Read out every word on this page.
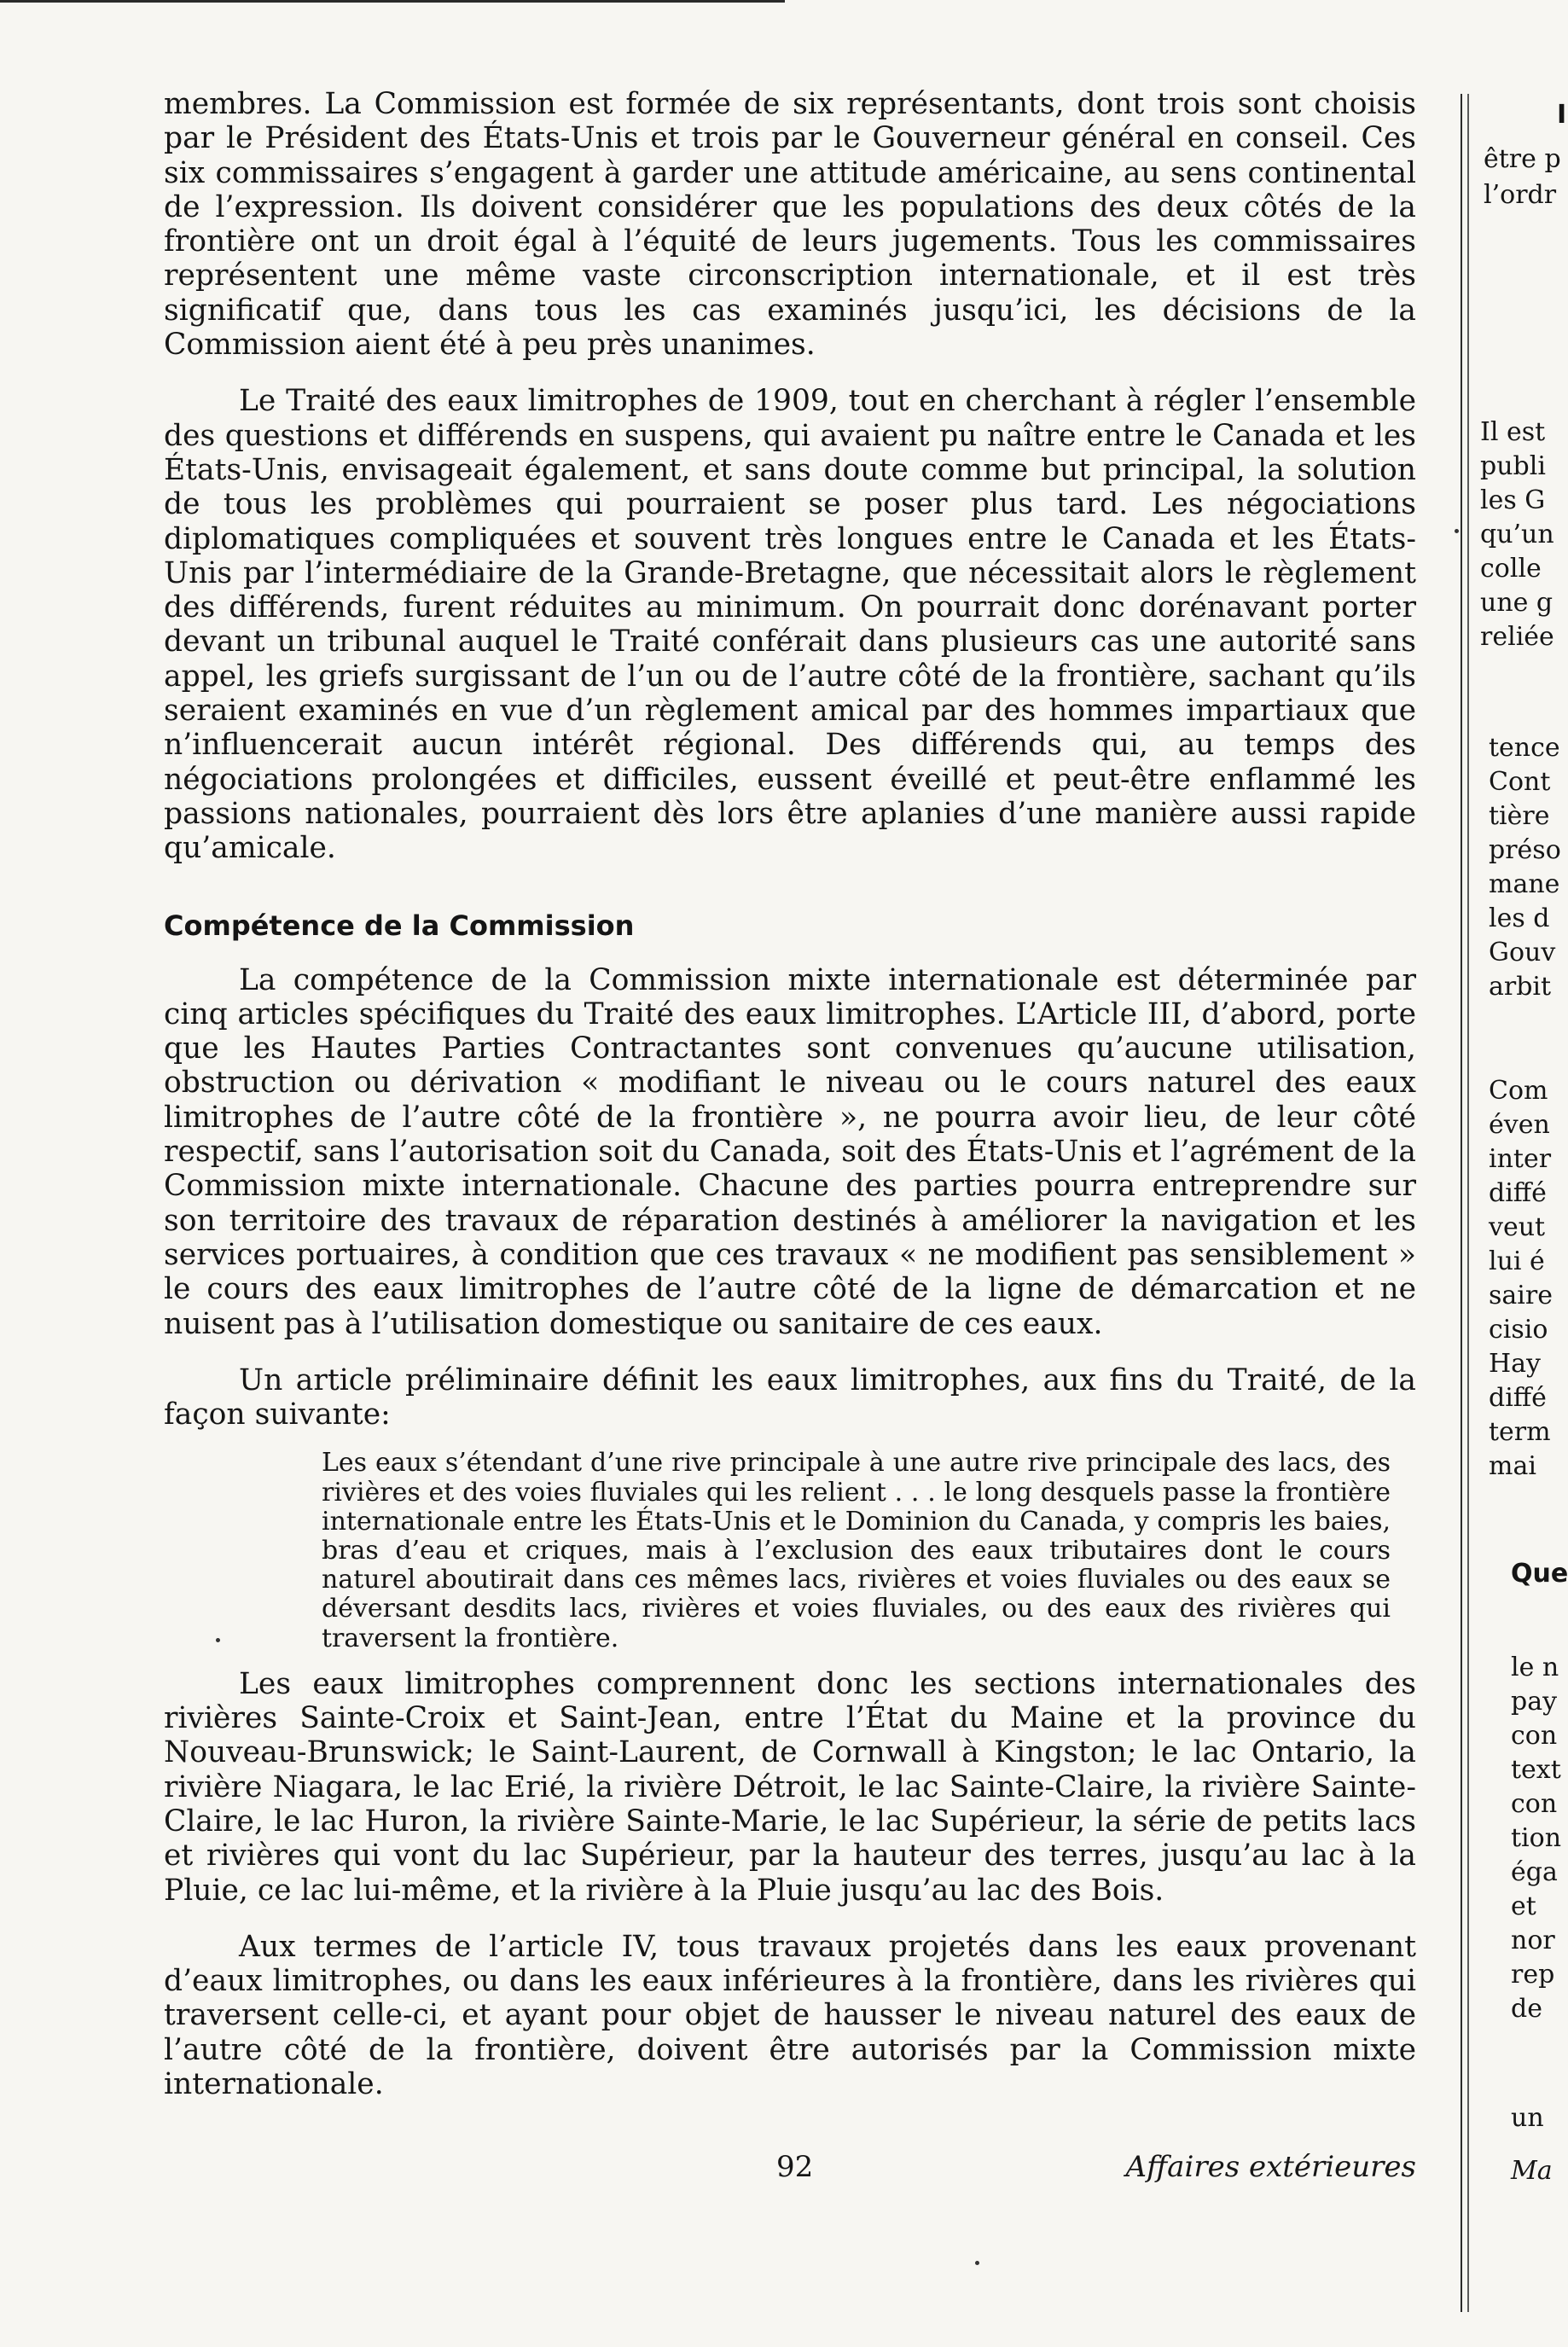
membres. La Commission est formée de six représentants, dont trois sont choisis par le Président des États-Unis et trois par le Gouverneur général en conseil. Ces six commissaires s’engagent à garder une attitude américaine, au sens continental de l’expression. Ils doivent considérer que les populations des deux côtés de la frontière ont un droit égal à l’équité de leurs jugements. Tous les commissaires représentent une même vaste circonscription internationale, et il est très significatif que, dans tous les cas examinés jusqu’ici, les décisions de la Commission aient été à peu près unanimes.

Le Traité des eaux limitrophes de 1909, tout en cherchant à régler l’ensemble des questions et différends en suspens, qui avaient pu naître entre le Canada et les États-Unis, envisageait également, et sans doute comme but principal, la solution de tous les problèmes qui pourraient se poser plus tard. Les négociations diplomatiques compliquées et souvent très longues entre le Canada et les États-Unis par l’intermédiaire de la Grande-Bretagne, que nécessitait alors le règlement des différends, furent réduites au minimum. On pourrait donc dorénavant porter devant un tribunal auquel le Traité conférait dans plusieurs cas une autorité sans appel, les griefs surgissant de l’un ou de l’autre côté de la frontière, sachant qu’ils seraient examinés en vue d’un règlement amical par des hommes impartiaux que n’influencerait aucun intérêt régional. Des différends qui, au temps des négociations prolongées et difficiles, eussent éveillé et peut-être enflammé les passions nationales, pourraient dès lors être aplanies d’une manière aussi rapide qu’amicale.

Compétence de la Commission

La compétence de la Commission mixte internationale est déterminée par cinq articles spécifiques du Traité des eaux limitrophes. L’Article III, d’abord, porte que les Hautes Parties Contractantes sont convenues qu’aucune utilisation, obstruction ou dérivation « modifiant le niveau ou le cours naturel des eaux limitrophes de l’autre côté de la frontière », ne pourra avoir lieu, de leur côté respectif, sans l’autorisation soit du Canada, soit des États-Unis et l’agrément de la Commission mixte internationale. Chacune des parties pourra entreprendre sur son territoire des travaux de réparation destinés à améliorer la navigation et les services portuaires, à condition que ces travaux « ne modifient pas sensiblement » le cours des eaux limitrophes de l’autre côté de la ligne de démarcation et ne nuisent pas à l’utilisation domestique ou sanitaire de ces eaux.

Un article préliminaire définit les eaux limitrophes, aux fins du Traité, de la façon suivante:

Les eaux s’étendant d’une rive principale à une autre rive principale des lacs, des rivières et des voies fluviales qui les relient . . . le long desquels passe la frontière internationale entre les États-Unis et le Dominion du Canada, y compris les baies, bras d’eau et criques, mais à l’exclusion des eaux tributaires dont le cours naturel aboutirait dans ces mêmes lacs, rivières et voies fluviales ou des eaux se déversant desdits lacs, rivières et voies fluviales, ou des eaux des rivières qui traversent la frontière.

Les eaux limitrophes comprennent donc les sections internationales des rivières Sainte-Croix et Saint-Jean, entre l’État du Maine et la province du Nouveau-Brunswick; le Saint-Laurent, de Cornwall à Kingston; le lac Ontario, la rivière Niagara, le lac Erié, la rivière Détroit, le lac Sainte-Claire, la rivière Sainte-Claire, le lac Huron, la rivière Sainte-Marie, le lac Supérieur, la série de petits lacs et rivières qui vont du lac Supérieur, par la hauteur des terres, jusqu’au lac à la Pluie, ce lac lui-même, et la rivière à la Pluie jusqu’au lac des Bois.

Aux termes de l’article IV, tous travaux projetés dans les eaux provenant d’eaux limitrophes, ou dans les eaux inférieures à la frontière, dans les rivières qui traversent celle-ci, et ayant pour objet de hausser le niveau naturel des eaux de l’autre côté de la frontière, doivent être autorisés par la Commission mixte internationale.

92	Affaires extérieures
I
être p
l’ordr
Il est
publi
les G
qu’un
colle
une g
reliée
tence
Cont
tière
préso
mane
les d
Gouv
arbit
Com
éven
inter
diffé
veut
lui é
saire
cisio
Hay
diffé
term
mai
Que
le n
pay
con
text
con
tion
éga
et
nor
rep
de
un
Ma
